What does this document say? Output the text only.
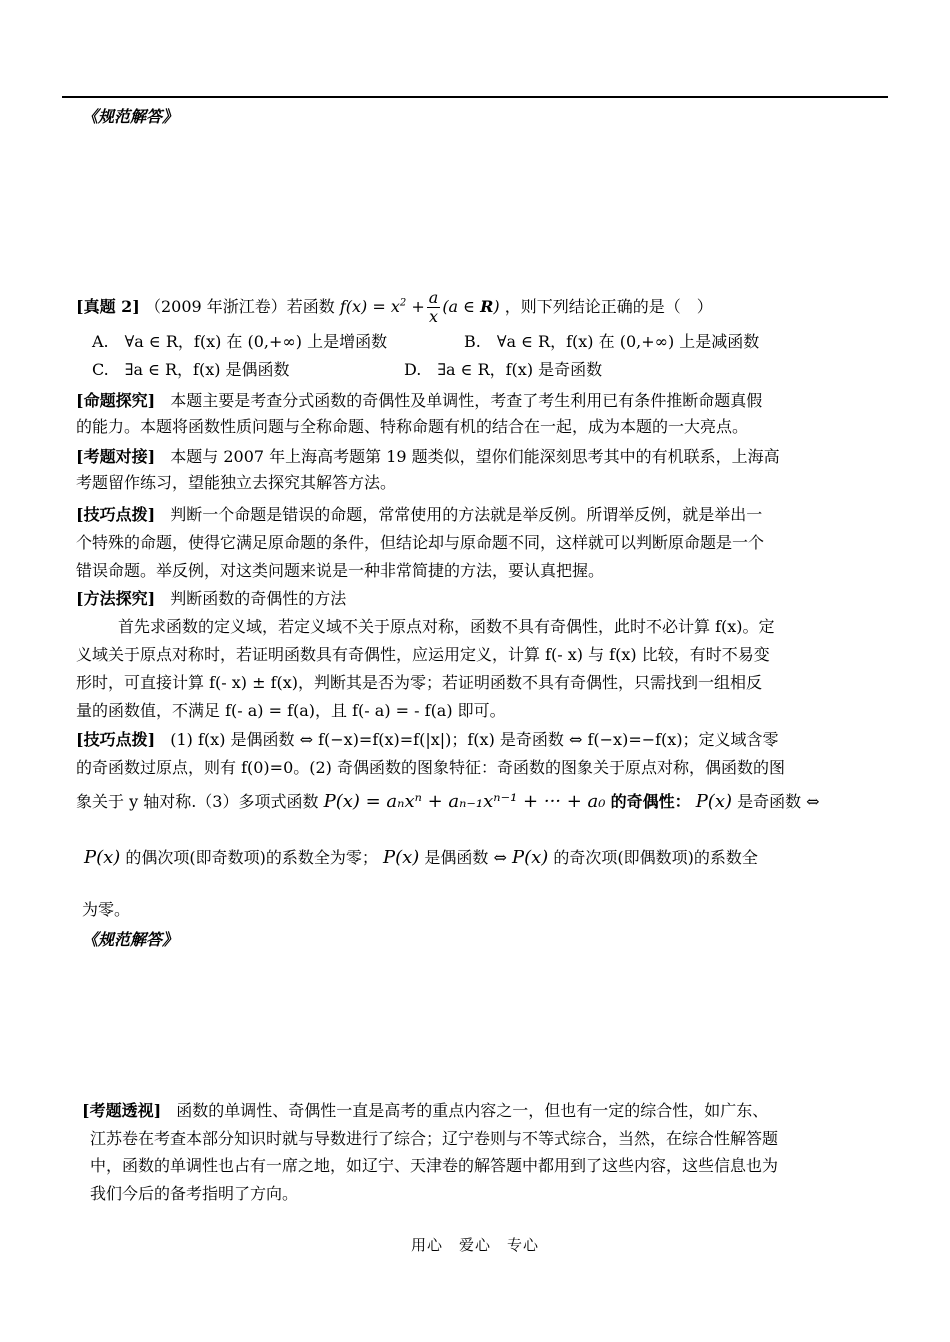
《规范解答》
[真题 2] （2009 年浙江卷）若函数 $f(x) = x^2 + \frac{a}{x} (a$ ∈ R) ，则下列结论正确的是（　）
A.　∀a ∈ R，f(x) 在 (0,+∞) 上是增函数	B.　∀a ∈ R，f(x) 在 (0,+∞) 上是减函数
C.　∃a ∈ R，f(x) 是偶函数	D.　∃a ∈ R，f(x) 是奇函数
[命题探究] 本题主要是考查分式函数的奇偶性及单调性，考查了考生利用已有条件推断命题真假
的能力。本题将函数性质问题与全称命题、特称命题有机的结合在一起，成为本题的一大亮点。
[考题对接] 本题与 2007 年上海高考题第 19 题类似，望你们能深刻思考其中的有机联系，上海高
考题留作练习，望能独立去探究其解答方法。
[技巧点拨] 判断一个命题是错误的命题，常常使用的方法就是举反例。所谓举反例，就是举出一
个特殊的命题，使得它满足原命题的条件，但结论却与原命题不同，这样就可以判断原命题是一个
错误命题。举反例，对这类问题来说是一种非常简捷的方法，要认真把握。
[方法探究] 判断函数的奇偶性的方法
首先求函数的定义域，若定义域不关于原点对称，函数不具有奇偶性，此时不必计算 f(x)。定
义域关于原点对称时，若证明函数具有奇偶性，应运用定义，计算 f(- x) 与 f(x) 比较，有时不易变
形时，可直接计算 f(- x) ± f(x)，判断其是否为零；若证明函数不具有奇偶性，只需找到一组相反
量的函数值，不满足 f(- a) = f(a)，且 f(- a) = - f(a) 即可。
[技巧点拨] (1) f(x) 是偶函数 ⇔ f(−x)=f(x)=f(|x|)；f(x) 是奇函数 ⇔ f(−x)=−f(x)；定义域含零
的奇函数过原点，则有 f(0)=0。(2) 奇偶函数的图象特征：奇函数的图象关于原点对称，偶函数的图
象关于 y 轴对称.（3）多项式函数 P(x) = aₙxⁿ + aₙ₋₁xⁿ⁻¹ + ··· + a₀ 的奇偶性： P(x) 是奇函数 ⇔
P(x) 的偶次项(即奇数项)的系数全为零； P(x) 是偶函数 ⇔ P(x) 的奇次项(即偶数项)的系数全
为零。
《规范解答》
[考题透视] 函数的单调性、奇偶性一直是高考的重点内容之一，但也有一定的综合性，如广东、
江苏卷在考查本部分知识时就与导数进行了综合；辽宁卷则与不等式综合，当然，在综合性解答题
中，函数的单调性也占有一席之地，如辽宁、天津卷的解答题中都用到了这些内容，这些信息也为
我们今后的备考指明了方向。
用心　爱心　专心
